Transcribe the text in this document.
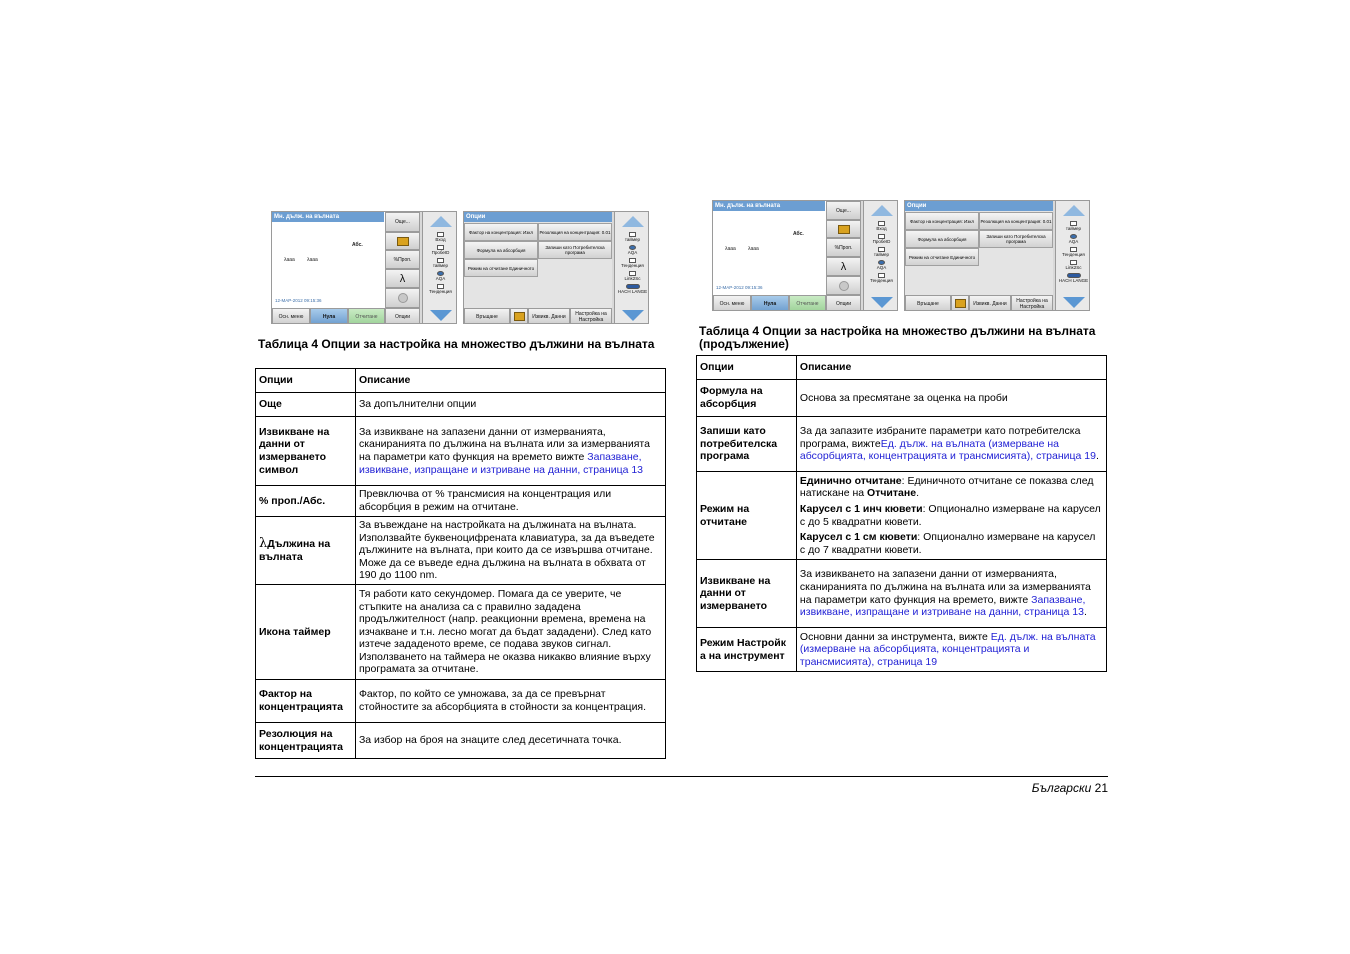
Мн. дълж. на вълната
Абс.
λааа λааа
12-МАР-2012 09:15:36
Още...
%Проп.
λ
Осн. меню	Нула	Отчитане	Опции
Вход
ПробеID
таймер
AQA
Тенденция
Опции
Фактор на концентрация: Изкл	Резолюция на концентрация: 0.01
Формула на абсорбция	Запиши като Потребителска програма
Режим на отчитане Единичното
Връщане	Извикв. Данни	Настройка на Настройка
таймер
AQA
Тенденция
Link2Sc
HACH LANGE
Мн. дълж. на вълната
Абс.
λааа λааа
12-МАР-2012 09:15:36
Още...
%Проп.
λ
Осн. меню	Нула	Отчитане	Опции
Вход
ПробеID
таймер
AQA
Тенденция
Опции
Фактор на концентрация: Изкл	Резолюция на концентрация: 0.01
Формула на абсорбция	Запиши като Потребителска програма
Режим на отчитане Единичното
Връщане	Извикв. Данни	Настройка на Настройка
таймер
AQA
Тенденция
Link2Sc
HACH LANGE
Таблица 4 Опции за настройка на множество дължини на вълната
Таблица 4 Опции за настройка на множество дължини на вълната (продължение)
Опции	Описание
Още	За допълнителни опции
Извикване на данни от измерването символ	За извикване на запазени данни от измерванията, сканиранията по дължина на вълната или за измерванията на параметри като функция на времето вижте Запазване, извикване, изпращане и изтриване на данни, страница 13
% проп./Абс.	Превключва от % трансмисия на концентрация или абсорбция в режим на отчитане.
λДължина на вълната	За въвеждане на настройката на дължината на вълната. Използвайте буквеноцифрената клавиатура, за да въведете дължините на вълната, при които да се извършва отчитане. Може да се въведе една дължина на вълната в обхвата от 190 до 1100 nm.
Икона таймер	Тя работи като секундомер. Помага да се уверите, че стъпките на анализа са с правилно зададена продължителност (напр. реакционни времена, времена на изчакване и т.н. лесно могат да бъдат зададени). След като изтече зададеното време, се подава звуков сигнал. Използването на таймера не оказва никакво влияние върху програмата за отчитане.
Фактор на концентрацията	Фактор, по който се умножава, за да се превърнат стойностите за абсорбцията в стойности за концентрация.
Резолюция на концентрацията	За избор на броя на знаците след десетичната точка.
Опции	Описание
Формула на абсорбция	Основа за пресмятане за оценка на проби
Запиши като потребителска програма	За да запазите избраните параметри като потребителска програма, вижтеЕд. дълж. на вълната (измерване на абсорбцията, концентрацията и трансмисията), страница 19.
Режим на отчитане	Единично отчитане: Единичното отчитане се показва след натискане на Отчитане.
Карусел с 1 инч кювети: Опционално измерване на карусел с до 5 квадратни кювети.
Карусел с 1 см кювети: Опционално измерване на карусел с до 7 квадратни кювети.

Извикване на данни от измерването	За извикването на запазени данни от измерванията, сканиранията по дължина на вълната или за измерванията на параметри като функция на времето, вижте Запазване, извикване, изпращане и изтриване на данни, страница 13.
Режим Настройк а на инструмент	Основни данни за инструмента, вижте Ед. дълж. на вълната (измерване на абсорбцията, концентрацията и трансмисията), страница 19
Български 21
